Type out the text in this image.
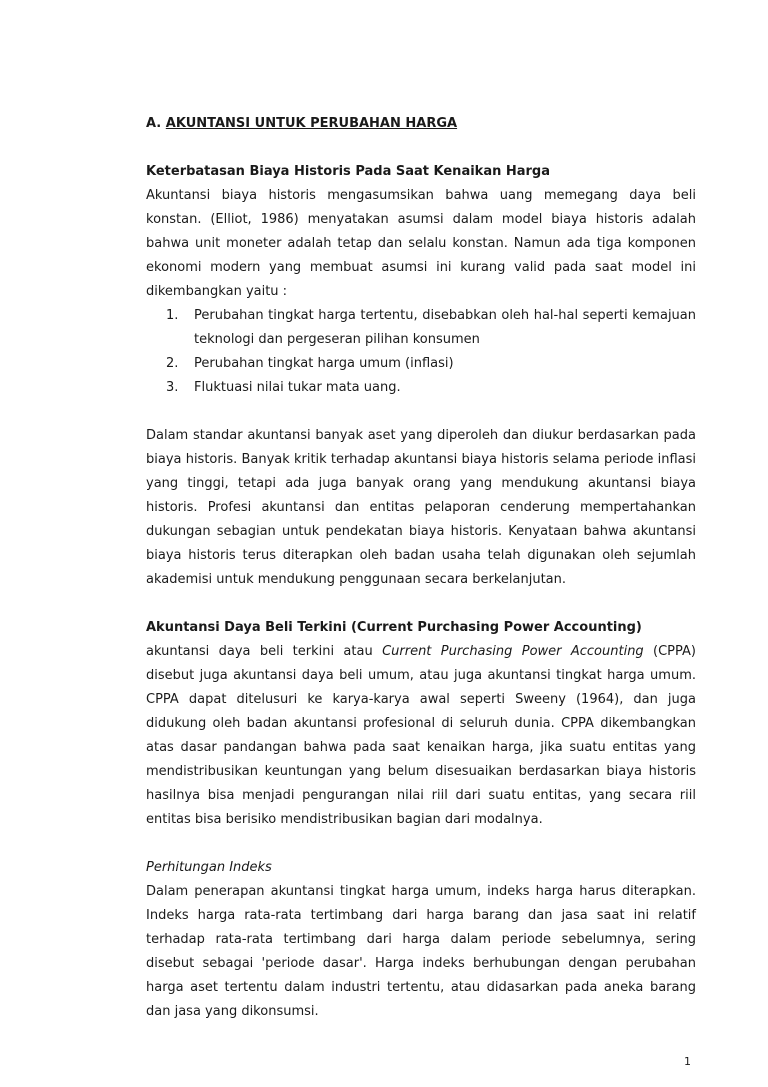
A. AKUNTANSI UNTUK PERUBAHAN HARGA
Keterbatasan Biaya Historis Pada Saat Kenaikan Harga

Akuntansi biaya historis mengasumsikan bahwa uang memegang daya beli konstan. (Elliot, 1986) menyatakan asumsi dalam model biaya historis adalah bahwa unit moneter adalah tetap dan selalu konstan. Namun ada tiga komponen ekonomi modern yang membuat asumsi ini kurang valid pada saat model ini dikembangkan yaitu :

1. Perubahan tingkat harga tertentu, disebabkan oleh hal-hal seperti kemajuan teknologi dan pergeseran pilihan konsumen
2. Perubahan tingkat harga umum (inflasi)
3. Fluktuasi nilai tukar mata uang.

Dalam standar akuntansi banyak aset yang diperoleh dan diukur berdasarkan pada biaya historis. Banyak kritik terhadap akuntansi biaya historis selama periode inflasi yang tinggi, tetapi ada juga banyak orang yang mendukung akuntansi biaya historis. Profesi akuntansi dan entitas pelaporan cenderung mempertahankan dukungan sebagian untuk pendekatan biaya historis. Kenyataan bahwa akuntansi biaya historis terus diterapkan oleh badan usaha telah digunakan oleh sejumlah akademisi untuk mendukung penggunaan secara berkelanjutan.

Akuntansi Daya Beli Terkini (Current Purchasing Power Accounting)

akuntansi daya beli terkini atau Current Purchasing Power Accounting (CPPA) disebut juga akuntansi daya beli umum, atau juga akuntansi tingkat harga umum. CPPA dapat ditelusuri ke karya-karya awal seperti Sweeny (1964), dan juga didukung oleh badan akuntansi profesional di seluruh dunia. CPPA dikembangkan atas dasar pandangan bahwa pada saat kenaikan harga, jika suatu entitas yang mendistribusikan keuntungan yang belum disesuaikan berdasarkan biaya historis hasilnya bisa menjadi pengurangan nilai riil dari suatu entitas, yang secara riil entitas bisa berisiko mendistribusikan bagian dari modalnya.

Perhitungan Indeks

Dalam penerapan akuntansi tingkat harga umum, indeks harga harus diterapkan. Indeks harga rata-rata tertimbang dari harga barang dan jasa saat ini relatif terhadap rata-rata tertimbang dari harga dalam periode sebelumnya, sering disebut sebagai 'periode dasar'. Harga indeks berhubungan dengan perubahan harga aset tertentu dalam industri tertentu, atau didasarkan pada aneka barang dan jasa yang dikonsumsi.

1
